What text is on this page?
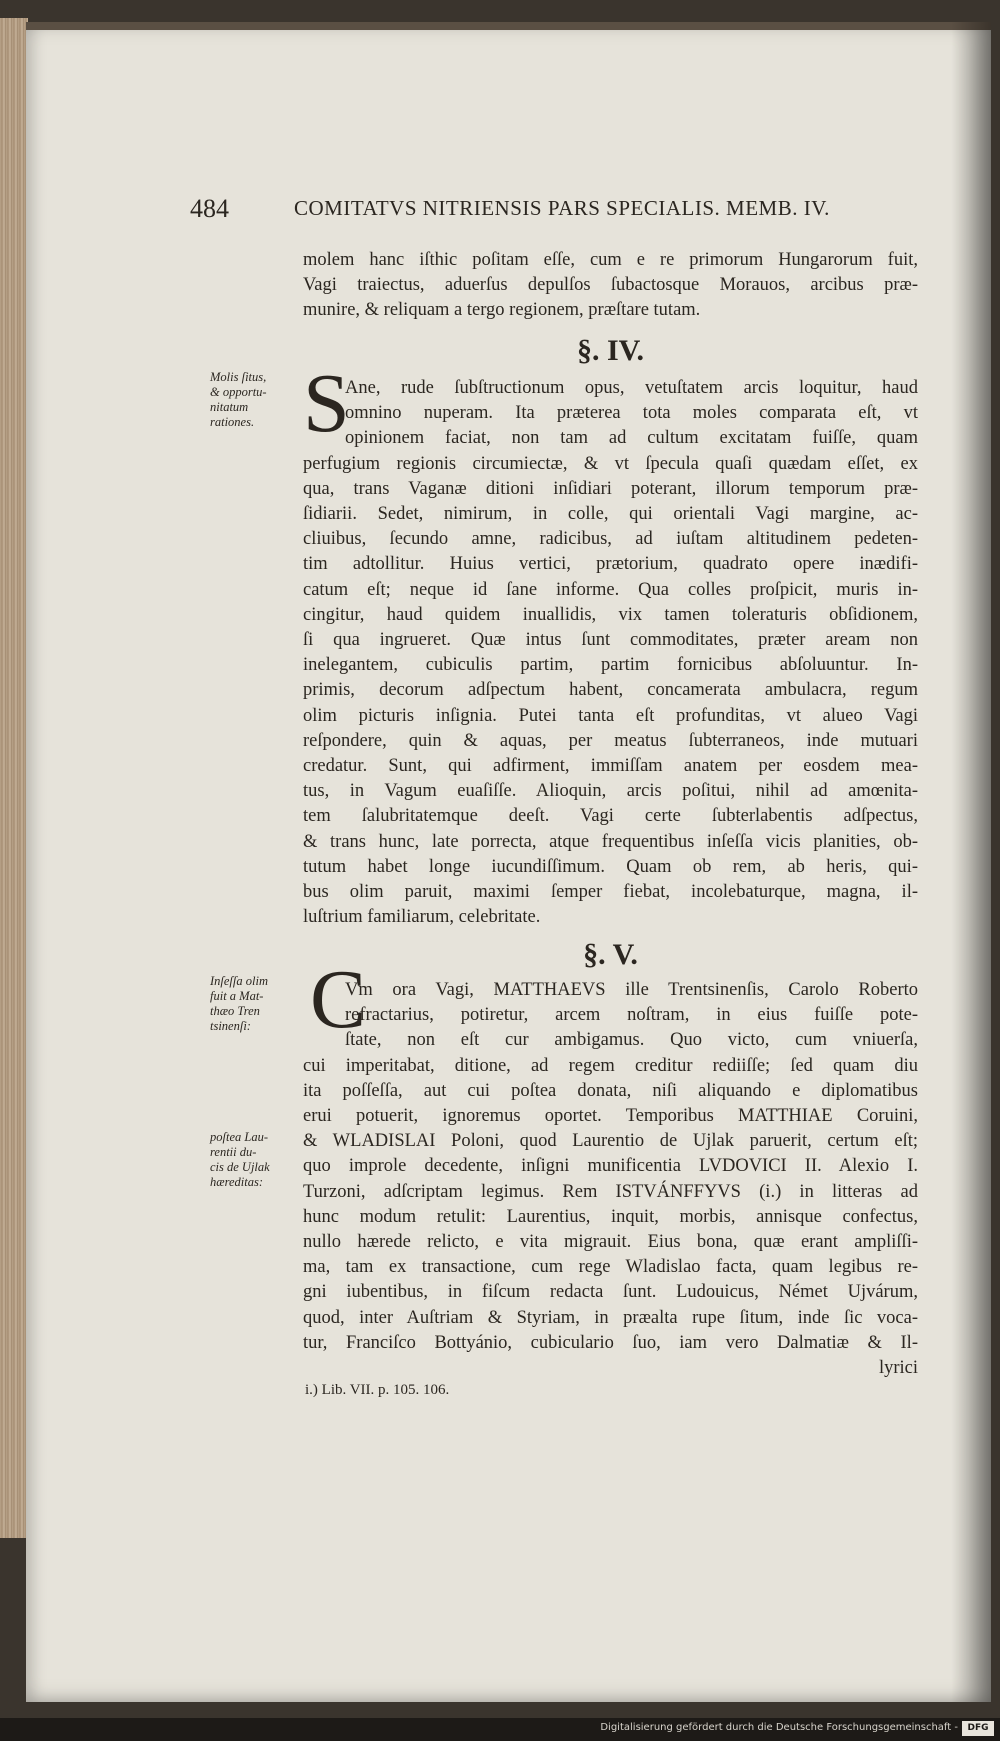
484	COMITATVS NITRIENSIS PARS SPECIALIS. MEMB. IV.
molem hanc iſthic poſitam eſſe, cum e re primorum Hungarorum fuit,
Vagi traiectus, aduerſus depulſos ſubactosque Morauos, arcibus præ-
munire, & reliquam a tergo regionem, præſtare tutam.
§. IV.
Molis ſitus,
& opportu-
nitatum
rationes. S
Ane, rude ſubſtructionum opus, vetuſtatem arcis loquitur, haud
omnino nuperam. Ita præterea tota moles comparata eſt, vt
opinionem faciat, non tam ad cultum excitatam fuiſſe, quam
perfugium regionis circumiectæ, & vt ſpecula quaſi quædam eſſet, ex
qua, trans Vaganæ ditioni inſidiari poterant, illorum temporum præ-
ſidiarii. Sedet, nimirum, in colle, qui orientali Vagi margine, ac-
cliuibus, ſecundo amne, radicibus, ad iuſtam altitudinem pedeten-
tim adtollitur. Huius vertici, prætorium, quadrato opere inædifi-
catum eſt; neque id ſane informe. Qua colles proſpicit, muris in-
cingitur, haud quidem inuallidis, vix tamen toleraturis obſidionem,
ſi qua ingrueret. Quæ intus ſunt commoditates, præter aream non
inelegantem, cubiculis partim, partim fornicibus abſoluuntur. In-
primis, decorum adſpectum habent, concamerata ambulacra, regum
olim picturis inſignia. Putei tanta eſt profunditas, vt alueo Vagi
reſpondere, quin & aquas, per meatus ſubterraneos, inde mutuari
credatur. Sunt, qui adfirment, immiſſam anatem per eosdem mea-
tus, in Vagum euaſiſſe. Alioquin, arcis poſitui, nihil ad amœnita-
tem ſalubritatemque deeſt. Vagi certe ſubterlabentis adſpectus,
& trans hunc, late porrecta, atque frequentibus inſeſſa vicis planities, ob-
tutum habet longe iucundiſſimum. Quam ob rem, ab heris, qui-
bus olim paruit, maximi ſemper fiebat, incolebaturque, magna, il-
luſtrium familiarum, celebritate.
§. V.
Inſeſſa olim
fuit a Mat-
thæo Tren
tsinenſi:
poſtea Lau-
rentii du-
cis de Ujlak
hæreditas:
C
Vm ora Vagi, MATTHAEVS ille Trentsinenſis, Carolo Roberto
refractarius, potiretur, arcem noſtram, in eius fuiſſe pote-
ſtate, non eſt cur ambigamus. Quo victo, cum vniuerſa,
cui imperitabat, ditione, ad regem creditur rediiſſe; ſed quam diu
ita poſſeſſa, aut cui poſtea donata, niſi aliquando e diplomatibus
erui potuerit, ignoremus oportet. Temporibus MATTHIAE Coruini,
& WLADISLAI Poloni, quod Laurentio de Ujlak paruerit, certum eſt;
quo improle decedente, inſigni munificentia LVDOVICI II. Alexio I.
Turzoni, adſcriptam legimus. Rem ISTVÁNFFYVS (i.) in litteras ad
hunc modum retulit: Laurentius, inquit, morbis, annisque confectus,
nullo hærede relicto, e vita migrauit. Eius bona, quæ erant ampliſſi-
ma, tam ex transactione, cum rege Wladislao facta, quam legibus re-
gni iubentibus, in fiſcum redacta ſunt. Ludouicus, Német Ujvárum,
quod, inter Auſtriam & Styriam, in præalta rupe ſitum, inde ſic voca-
tur, Franciſco Bottyánio, cubiculario ſuo, iam vero Dalmatiæ & Il-
lyrici
i.) Lib. VII. p. 105. 106.
Digitalisierung gefördert durch die Deutsche Forschungsgemeinschaft -	DFG
